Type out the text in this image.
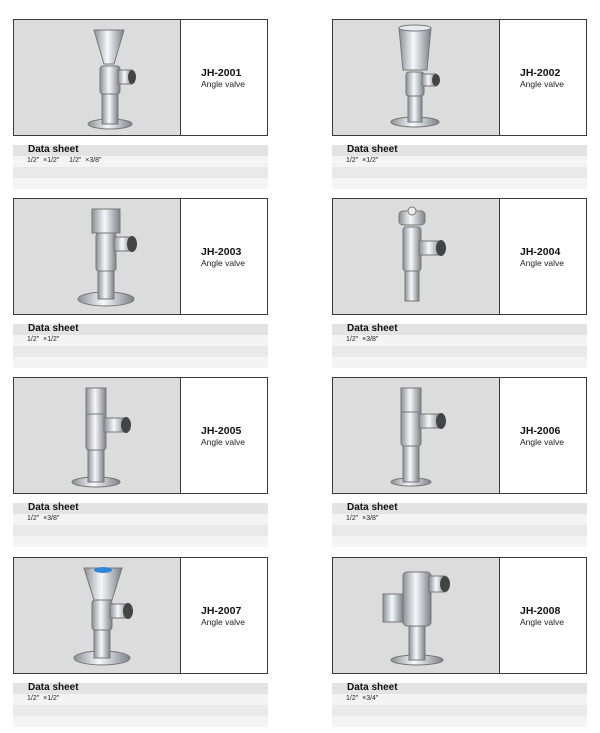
JH-2001
Angle valve
Data sheet
1/2"  ×1/2"     1/2"  ×3/8"
JH-2002
Angle valve
Data sheet
1/2"  ×1/2"
JH-2003
Angle valve
Data sheet
1/2"  ×1/2"
JH-2004
Angle valve
Data sheet
1/2"  ×3/8"
JH-2005
Angle valve
Data sheet
1/2"  ×3/8"
JH-2006
Angle valve
Data sheet
1/2"  ×3/8"
JH-2007
Angle valve
Data sheet
1/2"  ×1/2"
JH-2008
Angle valve
Data sheet
1/2"  ×3/4"
